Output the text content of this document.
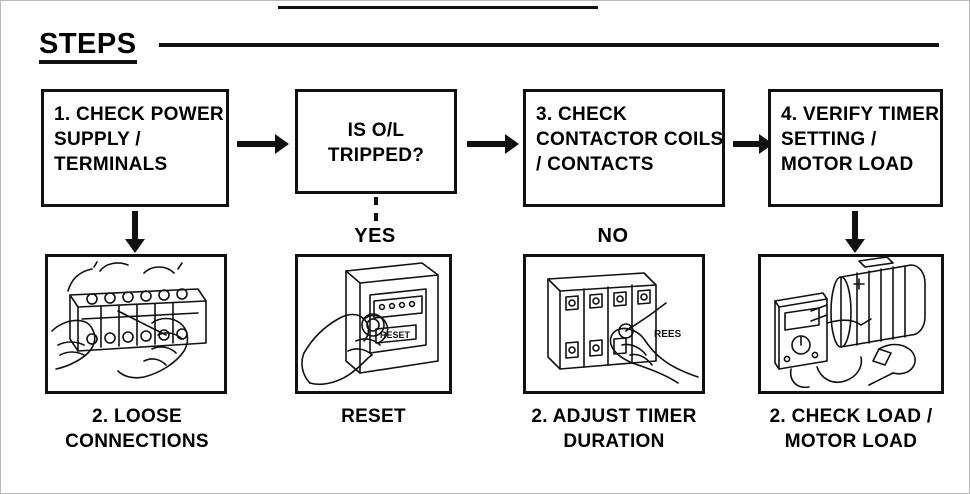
STEPS
1. CHECK POWER
SUPPLY /
TERMINALS
IS O/L
TRIPPED?
3. CHECK
CONTACTOR COILS
/ CONTACTS
4. VERIFY TIMER
SETTING /
MOTOR LOAD
YES	NO
2. LOOSE
CONNECTIONS
RESET
RESET
REES
2. ADJUST TIMER
DURATION
2. CHECK LOAD /
MOTOR LOAD
